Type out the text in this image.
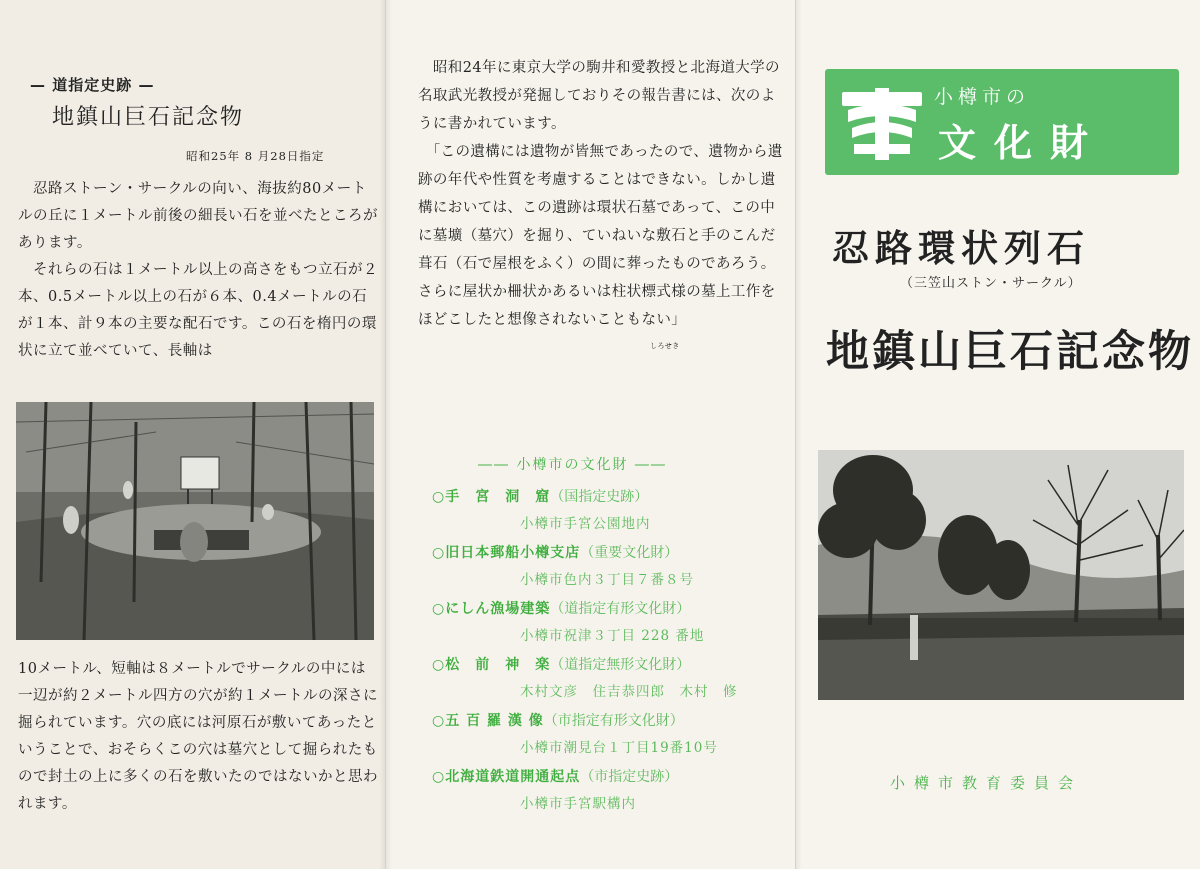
— 道指定史跡 —
地鎮山巨石記念物
昭和25年 8 月28日指定
　忍路ストーン・サークルの向い、海抜約80メートルの丘に１メートル前後の細長い石を並べたところがあります。
　それらの石は１メートル以上の高さをもつ立石が２本、0.5メートル以上の石が６本、0.4メートルの石が１本、計９本の主要な配石です。この石を楕円の環状に立て並べていて、長軸は
10メートル、短軸は８メートルでサークルの中には一辺が約２メートル四方の穴が約１メートルの深さに掘られています。穴の底には河原石が敷いてあったということで、おそらくこの穴は墓穴として掘られたもので封土の上に多くの石を敷いたのではないかと思われます。

　昭和24年に東京大学の駒井和愛教授と北海道大学の名取武光教授が発掘しておりその報告書には、次のように書かれています。

　「この遺構には遺物が皆無であったので、遺物から遺跡の年代や性質を考慮することはできない。しかし遺構においては、この遺跡は環状石墓であって、この中に墓壙（墓穴）を掘り、ていねいな敷石と手のこんだ葺石（石で屋根をふく）の間に葬ったものであろう。さらに屋状か柵状かあるいは柱状標式様の墓上工作をほどこしたと想像されないこともない」

しろせき
―― 小樽市の文化財 ――
○手　宮　洞　窟（国指定史跡）
小樽市手宮公園地内
○旧日本郵船小樽支店（重要文化財）
小樽市色内３丁目７番８号
○にしん漁場建築（道指定有形文化財）
小樽市祝津３丁目 228 番地
○松　前　神　楽（道指定無形文化財）
木村文彦　住吉恭四郎　木村　修
○五 百 羅 漢 像（市指定有形文化財）
小樽市潮見台１丁目19番10号
○北海道鉄道開通起点（市指定史跡）
小樽市手宮駅構内
小樽市の
文化財
忍路環状列石
（三笠山ストン・サークル）
地鎮山巨石記念物
小樽市教育委員会
